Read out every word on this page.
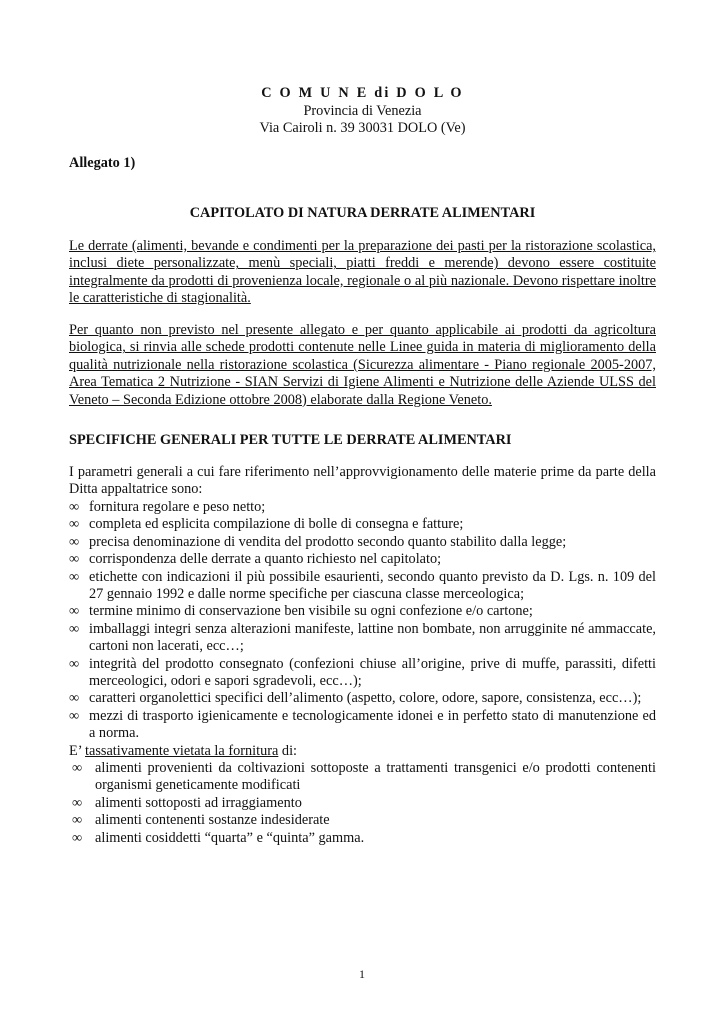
C O M U N E di D O L O
Provincia di Venezia
Via Cairoli n. 39 30031 DOLO (Ve)
Allegato 1)
CAPITOLATO DI NATURA DERRATE ALIMENTARI
Le derrate (alimenti, bevande e condimenti per la preparazione dei pasti per la ristorazione scolastica, inclusi diete personalizzate, menù speciali, piatti freddi e merende) devono essere costituite integralmente da prodotti di provenienza locale, regionale o al più nazionale. Devono rispettare inoltre le caratteristiche di stagionalità.
Per quanto non previsto nel presente allegato e per quanto applicabile ai prodotti da agricoltura biologica, si rinvia alle schede prodotti contenute nelle Linee guida in materia di miglioramento della qualità nutrizionale nella ristorazione scolastica (Sicurezza alimentare - Piano regionale 2005-2007, Area Tematica 2 Nutrizione - SIAN Servizi di Igiene Alimenti e Nutrizione delle Aziende ULSS del Veneto – Seconda Edizione ottobre 2008) elaborate dalla Regione Veneto.
SPECIFICHE GENERALI PER TUTTE LE DERRATE ALIMENTARI
I parametri generali a cui fare riferimento nell’approvvigionamento delle materie prime da parte della Ditta appaltatrice sono:
∞ fornitura regolare e peso netto;
∞ completa ed esplicita compilazione di bolle di consegna e fatture;
∞ precisa denominazione di vendita del prodotto secondo quanto stabilito dalla legge;
∞ corrispondenza delle derrate a quanto richiesto nel capitolato;
∞ etichette con indicazioni il più possibile esaurienti, secondo quanto previsto da D. Lgs. n. 109 del 27 gennaio 1992 e dalle norme specifiche per ciascuna classe merceologica;
∞ termine minimo di conservazione ben visibile su ogni confezione e/o cartone;
∞ imballaggi integri senza alterazioni manifeste, lattine non bombate, non arrugginite né ammaccate, cartoni non lacerati, ecc…;
∞ integrità del prodotto consegnato (confezioni chiuse all’origine, prive di muffe, parassiti, difetti merceologici, odori e sapori sgradevoli, ecc…);
∞ caratteri organolettici specifici dell’alimento (aspetto, colore, odore, sapore, consistenza, ecc…);
∞ mezzi di trasporto igienicamente e tecnologicamente idonei e in perfetto stato di manutenzione ed a norma.
E’ tassativamente vietata la fornitura di:
∞ alimenti provenienti da coltivazioni sottoposte a trattamenti transgenici e/o prodotti contenenti organismi geneticamente modificati
∞ alimenti sottoposti ad irraggiamento
∞ alimenti contenenti sostanze indesiderate
∞ alimenti cosiddetti “quarta” e “quinta” gamma.
1
